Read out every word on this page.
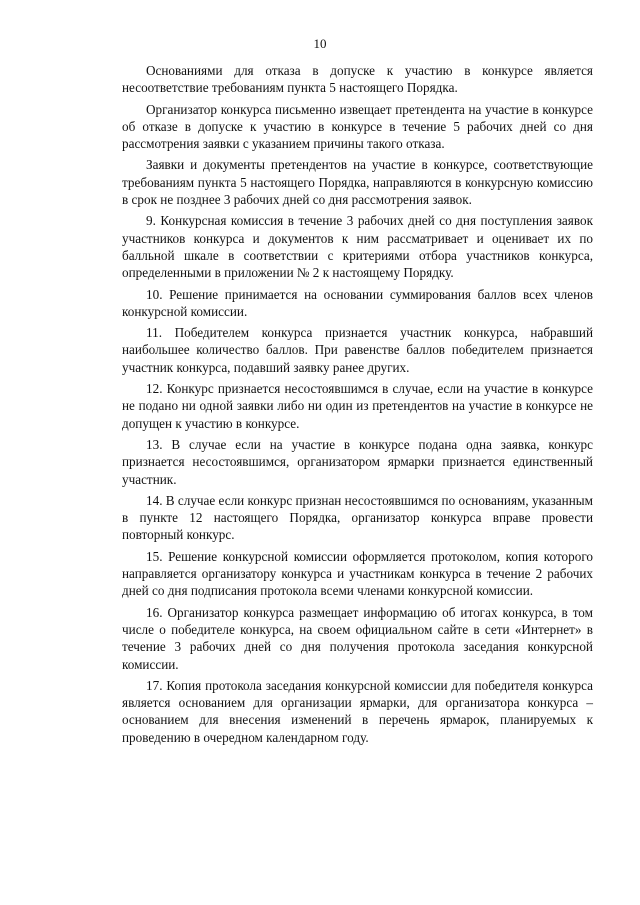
10

Основаниями для отказа в допуске к участию в конкурсе является несоответствие требованиям пункта 5 настоящего Порядка.

Организатор конкурса письменно извещает претендента на участие в конкурсе об отказе в допуске к участию в конкурсе в течение 5 рабочих дней со дня рассмотрения заявки с указанием причины такого отказа.

Заявки и документы претендентов на участие в конкурсе, соответствующие требованиям пункта 5 настоящего Порядка, направляются в конкурсную комиссию в срок не позднее 3 рабочих дней со дня рассмотрения заявок.

9. Конкурсная комиссия в течение 3 рабочих дней со дня поступления заявок участников конкурса и документов к ним рассматривает и оценивает их по балльной шкале в соответствии с критериями отбора участников конкурса, определенными в приложении № 2 к настоящему Порядку.

10. Решение принимается на основании суммирования баллов всех членов конкурсной комиссии.

11. Победителем конкурса признается участник конкурса, набравший наибольшее количество баллов. При равенстве баллов победителем признается участник конкурса, подавший заявку ранее других.

12. Конкурс признается несостоявшимся в случае, если на участие в конкурсе не подано ни одной заявки либо ни один из претендентов на участие в конкурсе не допущен к участию в конкурсе.

13. В случае если на участие в конкурсе подана одна заявка, конкурс признается несостоявшимся, организатором ярмарки признается единственный участник.

14. В случае если конкурс признан несостоявшимся по основаниям, указанным в пункте 12 настоящего Порядка, организатор конкурса вправе провести повторный конкурс.

15. Решение конкурсной комиссии оформляется протоколом, копия которого направляется организатору конкурса и участникам конкурса в течение 2 рабочих дней со дня подписания протокола всеми членами конкурсной комиссии.

16. Организатор конкурса размещает информацию об итогах конкурса, в том числе о победителе конкурса, на своем официальном сайте в сети «Интернет» в течение 3 рабочих дней со дня получения протокола заседания конкурсной комиссии.

17. Копия протокола заседания конкурсной комиссии для победителя конкурса является основанием для организации ярмарки, для организатора конкурса – основанием для внесения изменений в перечень ярмарок, планируемых к проведению в очередном календарном году.
